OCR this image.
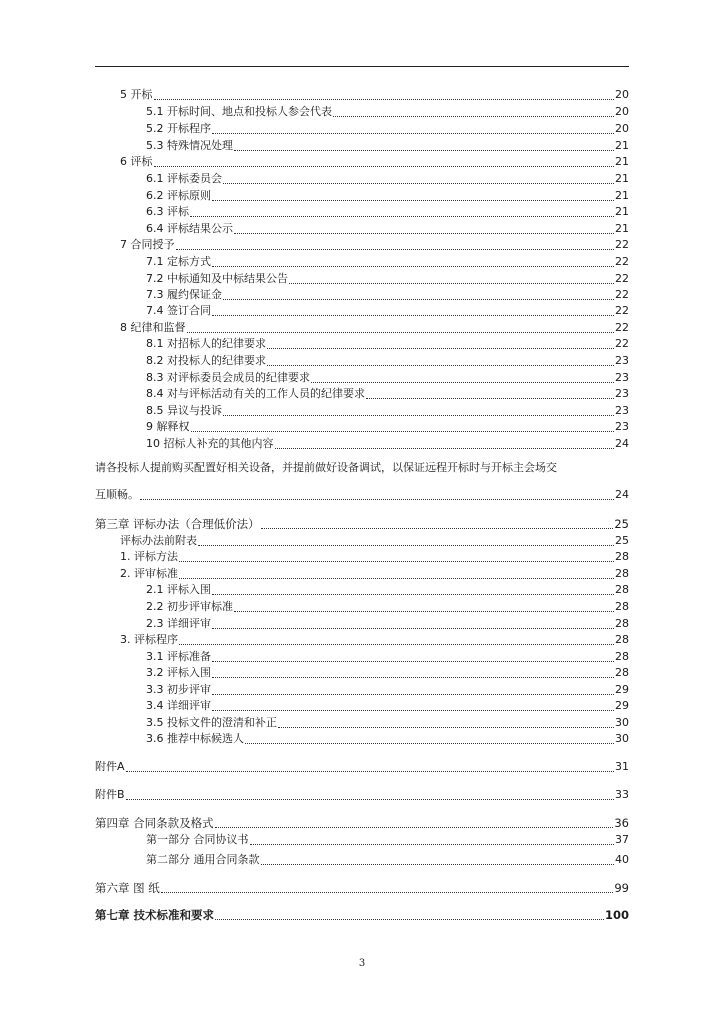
5 开标	20
5.1 开标时间、地点和投标人参会代表	20
5.2 开标程序	20
5.3 特殊情况处理	21
6 评标	21
6.1 评标委员会	21
6.2 评标原则	21
6.3 评标	21
6.4 评标结果公示	21
7 合同授予	22
7.1 定标方式	22
7.2 中标通知及中标结果公告	22
7.3 履约保证金	22
7.4 签订合同	22
8 纪律和监督	22
8.1 对招标人的纪律要求	22
8.2 对投标人的纪律要求	23
8.3 对评标委员会成员的纪律要求	23
8.4 对与评标活动有关的工作人员的纪律要求	23
8.5 异议与投诉	23
9 解释权	23
10 招标人补充的其他内容	24
请各投标人提前购买配置好相关设备，并提前做好设备调试，以保证远程开标时与开标主会场交
互顺畅。	24
第三章 评标办法（合理低价法）	25
评标办法前附表	25
1. 评标方法	28
2. 评审标准	28
2.1 评标入围	28
2.2 初步评审标准	28
2.3 详细评审	28
3. 评标程序	28
3.1 评标准备	28
3.2 评标入围	28
3.3 初步评审	29
3.4 详细评审	29
3.5 投标文件的澄清和补正	30
3.6 推荐中标候选人	30
附件A	31
附件B	33
第四章 合同条款及格式	36
第一部分 合同协议书	37
第二部分 通用合同条款	40
第六章 图 纸	99
第七章 技术标准和要求	100
3
